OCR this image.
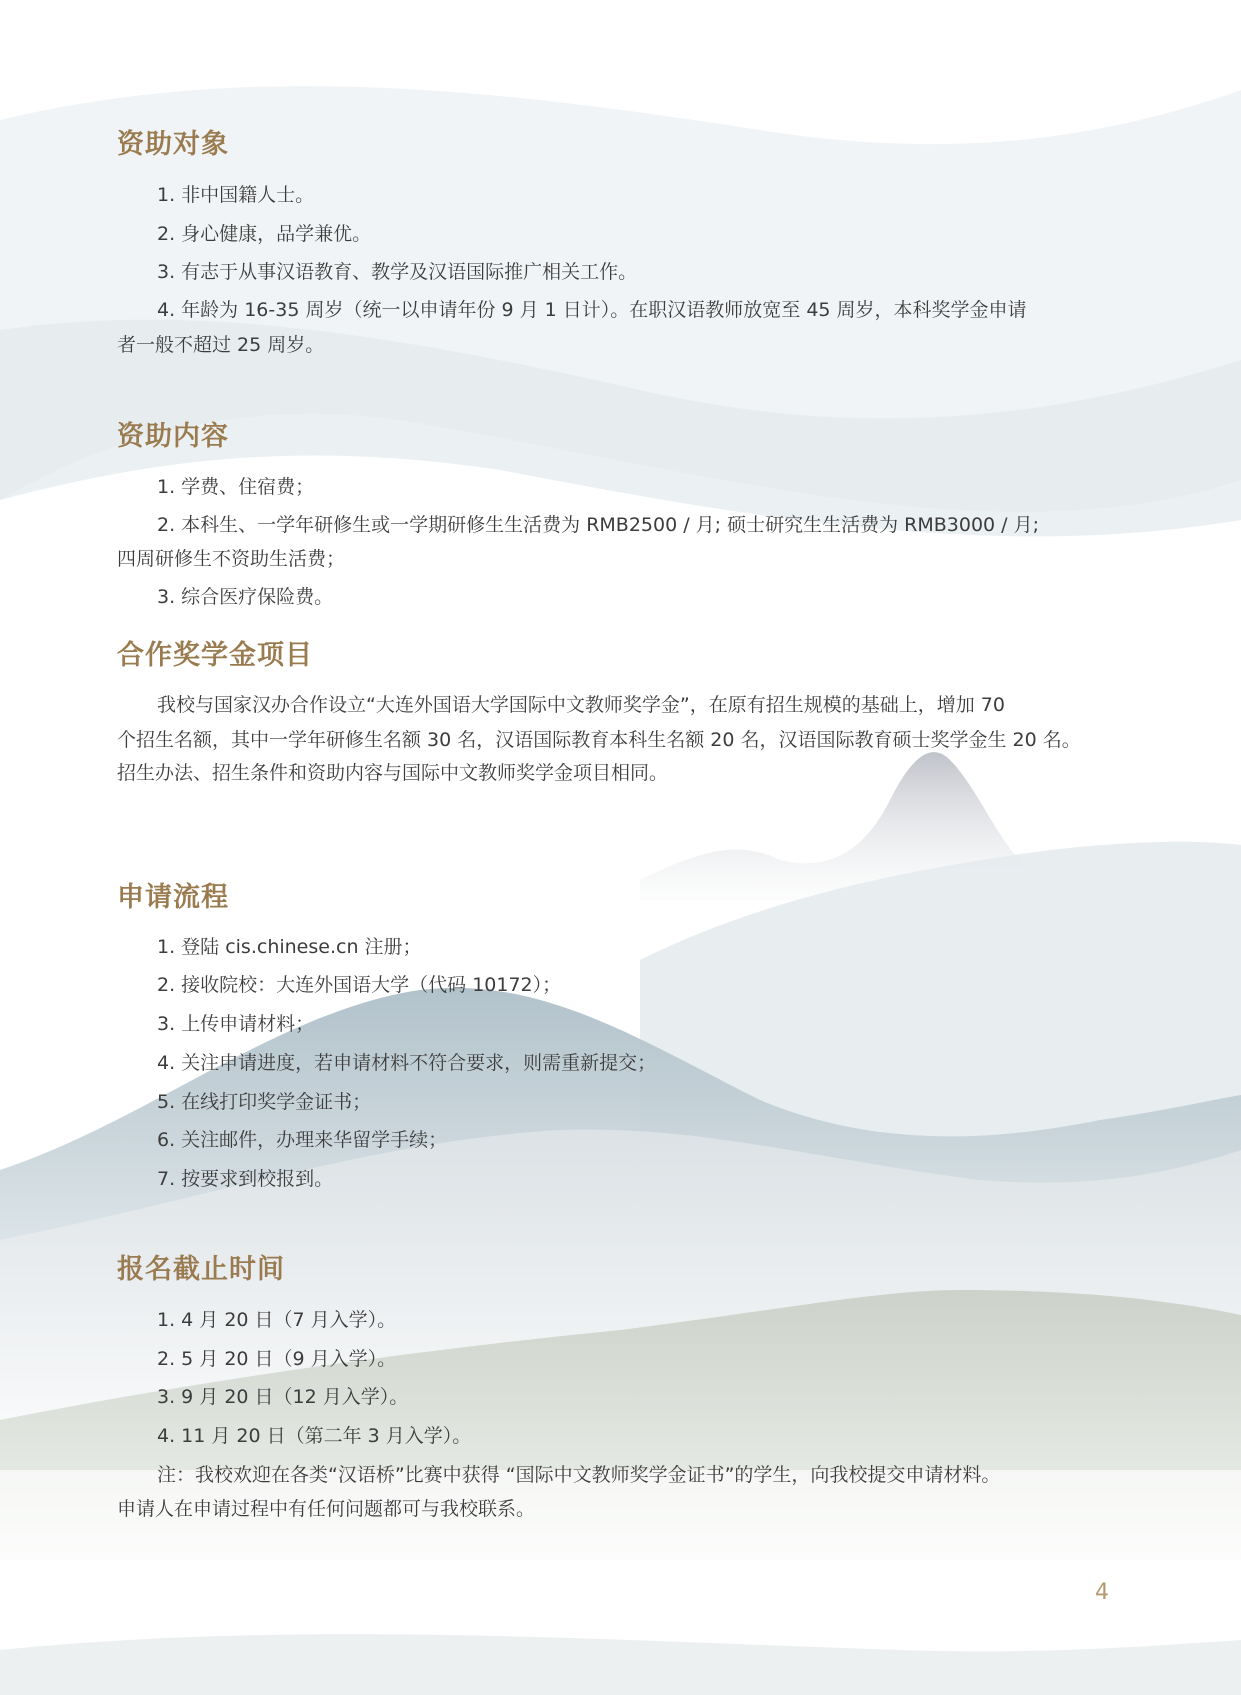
资助对象

1. 非中国籍人士。

2. 身心健康，品学兼优。

3. 有志于从事汉语教育、教学及汉语国际推广相关工作。

4. 年龄为 16-35 周岁（统一以申请年份 9 月 1 日计）。在职汉语教师放宽至 45 周岁，本科奖学金申请

者一般不超过 25 周岁。

资助内容

1. 学费、住宿费；

2. 本科生、一学年研修生或一学期研修生生活费为 RMB2500 / 月; 硕士研究生生活费为 RMB3000 / 月;

四周研修生不资助生活费；

3. 综合医疗保险费。

合作奖学金项目

我校与国家汉办合作设立“大连外国语大学国际中文教师奖学金”，在原有招生规模的基础上，增加 70

个招生名额，其中一学年研修生名额 30 名，汉语国际教育本科生名额 20 名，汉语国际教育硕士奖学金生 20 名。

招生办法、招生条件和资助内容与国际中文教师奖学金项目相同。

申请流程

1. 登陆 cis.chinese.cn 注册；

2. 接收院校：大连外国语大学（代码 10172）；

3. 上传申请材料；

4. 关注申请进度，若申请材料不符合要求，则需重新提交；

5. 在线打印奖学金证书；

6. 关注邮件，办理来华留学手续；

7. 按要求到校报到。

报名截止时间

1. 4 月 20 日（7 月入学）。

2. 5 月 20 日（9 月入学）。

3. 9 月 20 日（12 月入学）。

4. 11 月 20 日（第二年 3 月入学）。

注：我校欢迎在各类“汉语桥”比赛中获得 “国际中文教师奖学金证书”的学生，向我校提交申请材料。

申请人在申请过程中有任何问题都可与我校联系。

4
